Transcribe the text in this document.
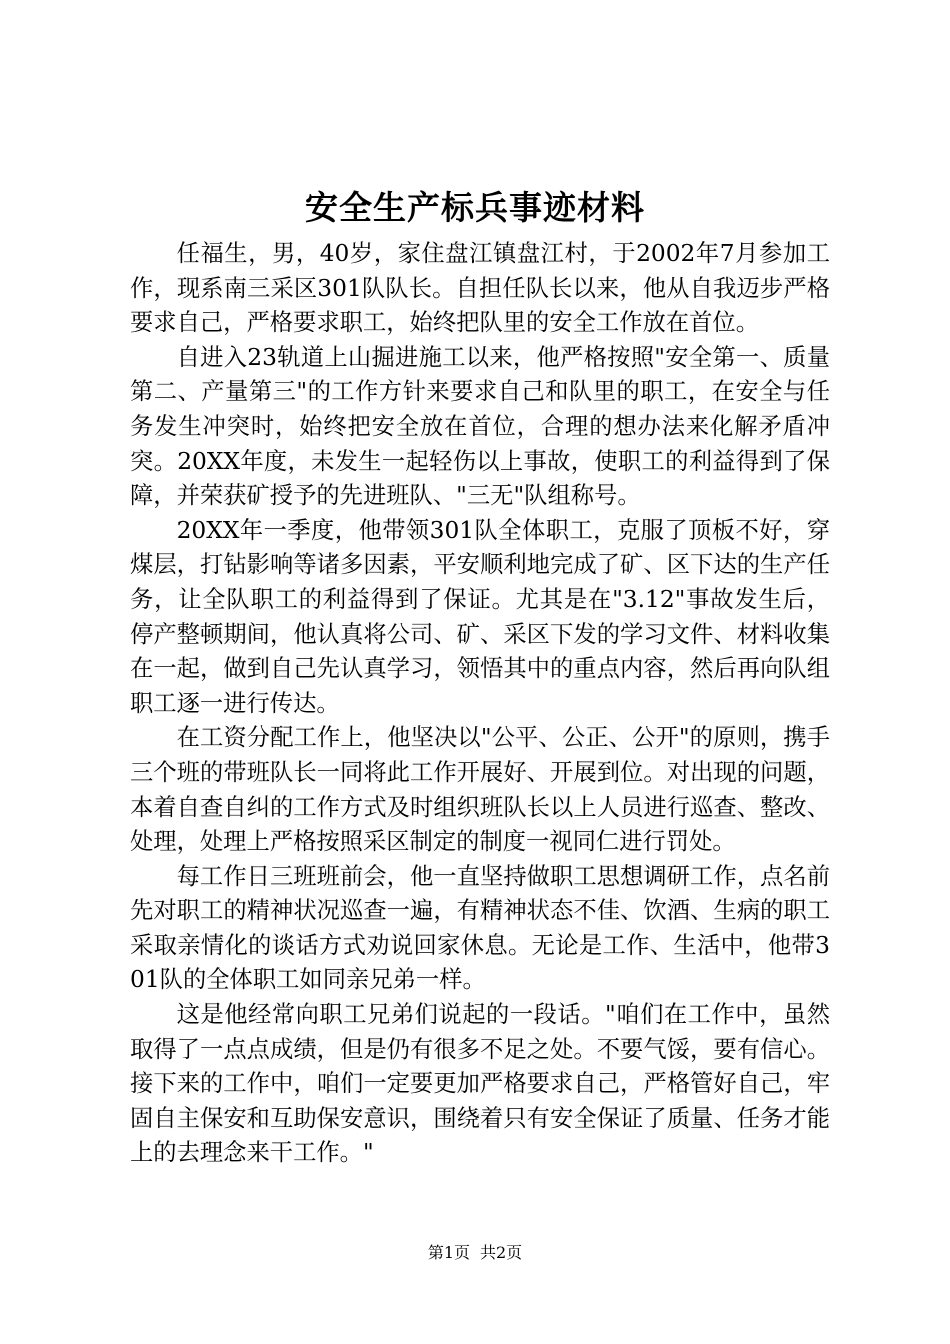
安全生产标兵事迹材料

任福生，男，40岁，家住盘江镇盘江村，于2002年7月参加工作，现系南三采区301队队长。自担任队长以来，他从自我迈步严格要求自己，严格要求职工，始终把队里的安全工作放在首位。

自进入23轨道上山掘进施工以来，他严格按照"安全第一、质量第二、产量第三"的工作方针来要求自己和队里的职工，在安全与任务发生冲突时，始终把安全放在首位，合理的想办法来化解矛盾冲突。20XX年度，未发生一起轻伤以上事故，使职工的利益得到了保障，并荣获矿授予的先进班队、"三无"队组称号。

20XX年一季度，他带领301队全体职工，克服了顶板不好，穿煤层，打钻影响等诸多因素，平安顺利地完成了矿、区下达的生产任务，让全队职工的利益得到了保证。尤其是在"3.12"事故发生后，停产整顿期间，他认真将公司、矿、采区下发的学习文件、材料收集在一起，做到自己先认真学习，领悟其中的重点内容，然后再向队组职工逐一进行传达。

在工资分配工作上，他坚决以"公平、公正、公开"的原则，携手三个班的带班队长一同将此工作开展好、开展到位。对出现的问题，本着自查自纠的工作方式及时组织班队长以上人员进行巡查、整改、处理，处理上严格按照采区制定的制度一视同仁进行罚处。

每工作日三班班前会，他一直坚持做职工思想调研工作，点名前先对职工的精神状况巡查一遍，有精神状态不佳、饮酒、生病的职工采取亲情化的谈话方式劝说回家休息。无论是工作、生活中，他带301队的全体职工如同亲兄弟一样。

这是他经常向职工兄弟们说起的一段话。"咱们在工作中，虽然取得了一点点成绩，但是仍有很多不足之处。不要气馁，要有信心。接下来的工作中，咱们一定要更加严格要求自己，严格管好自己，牢固自主保安和互助保安意识，围绕着只有安全保证了质量、任务才能上的去理念来干工作。"

第1页 共2页
